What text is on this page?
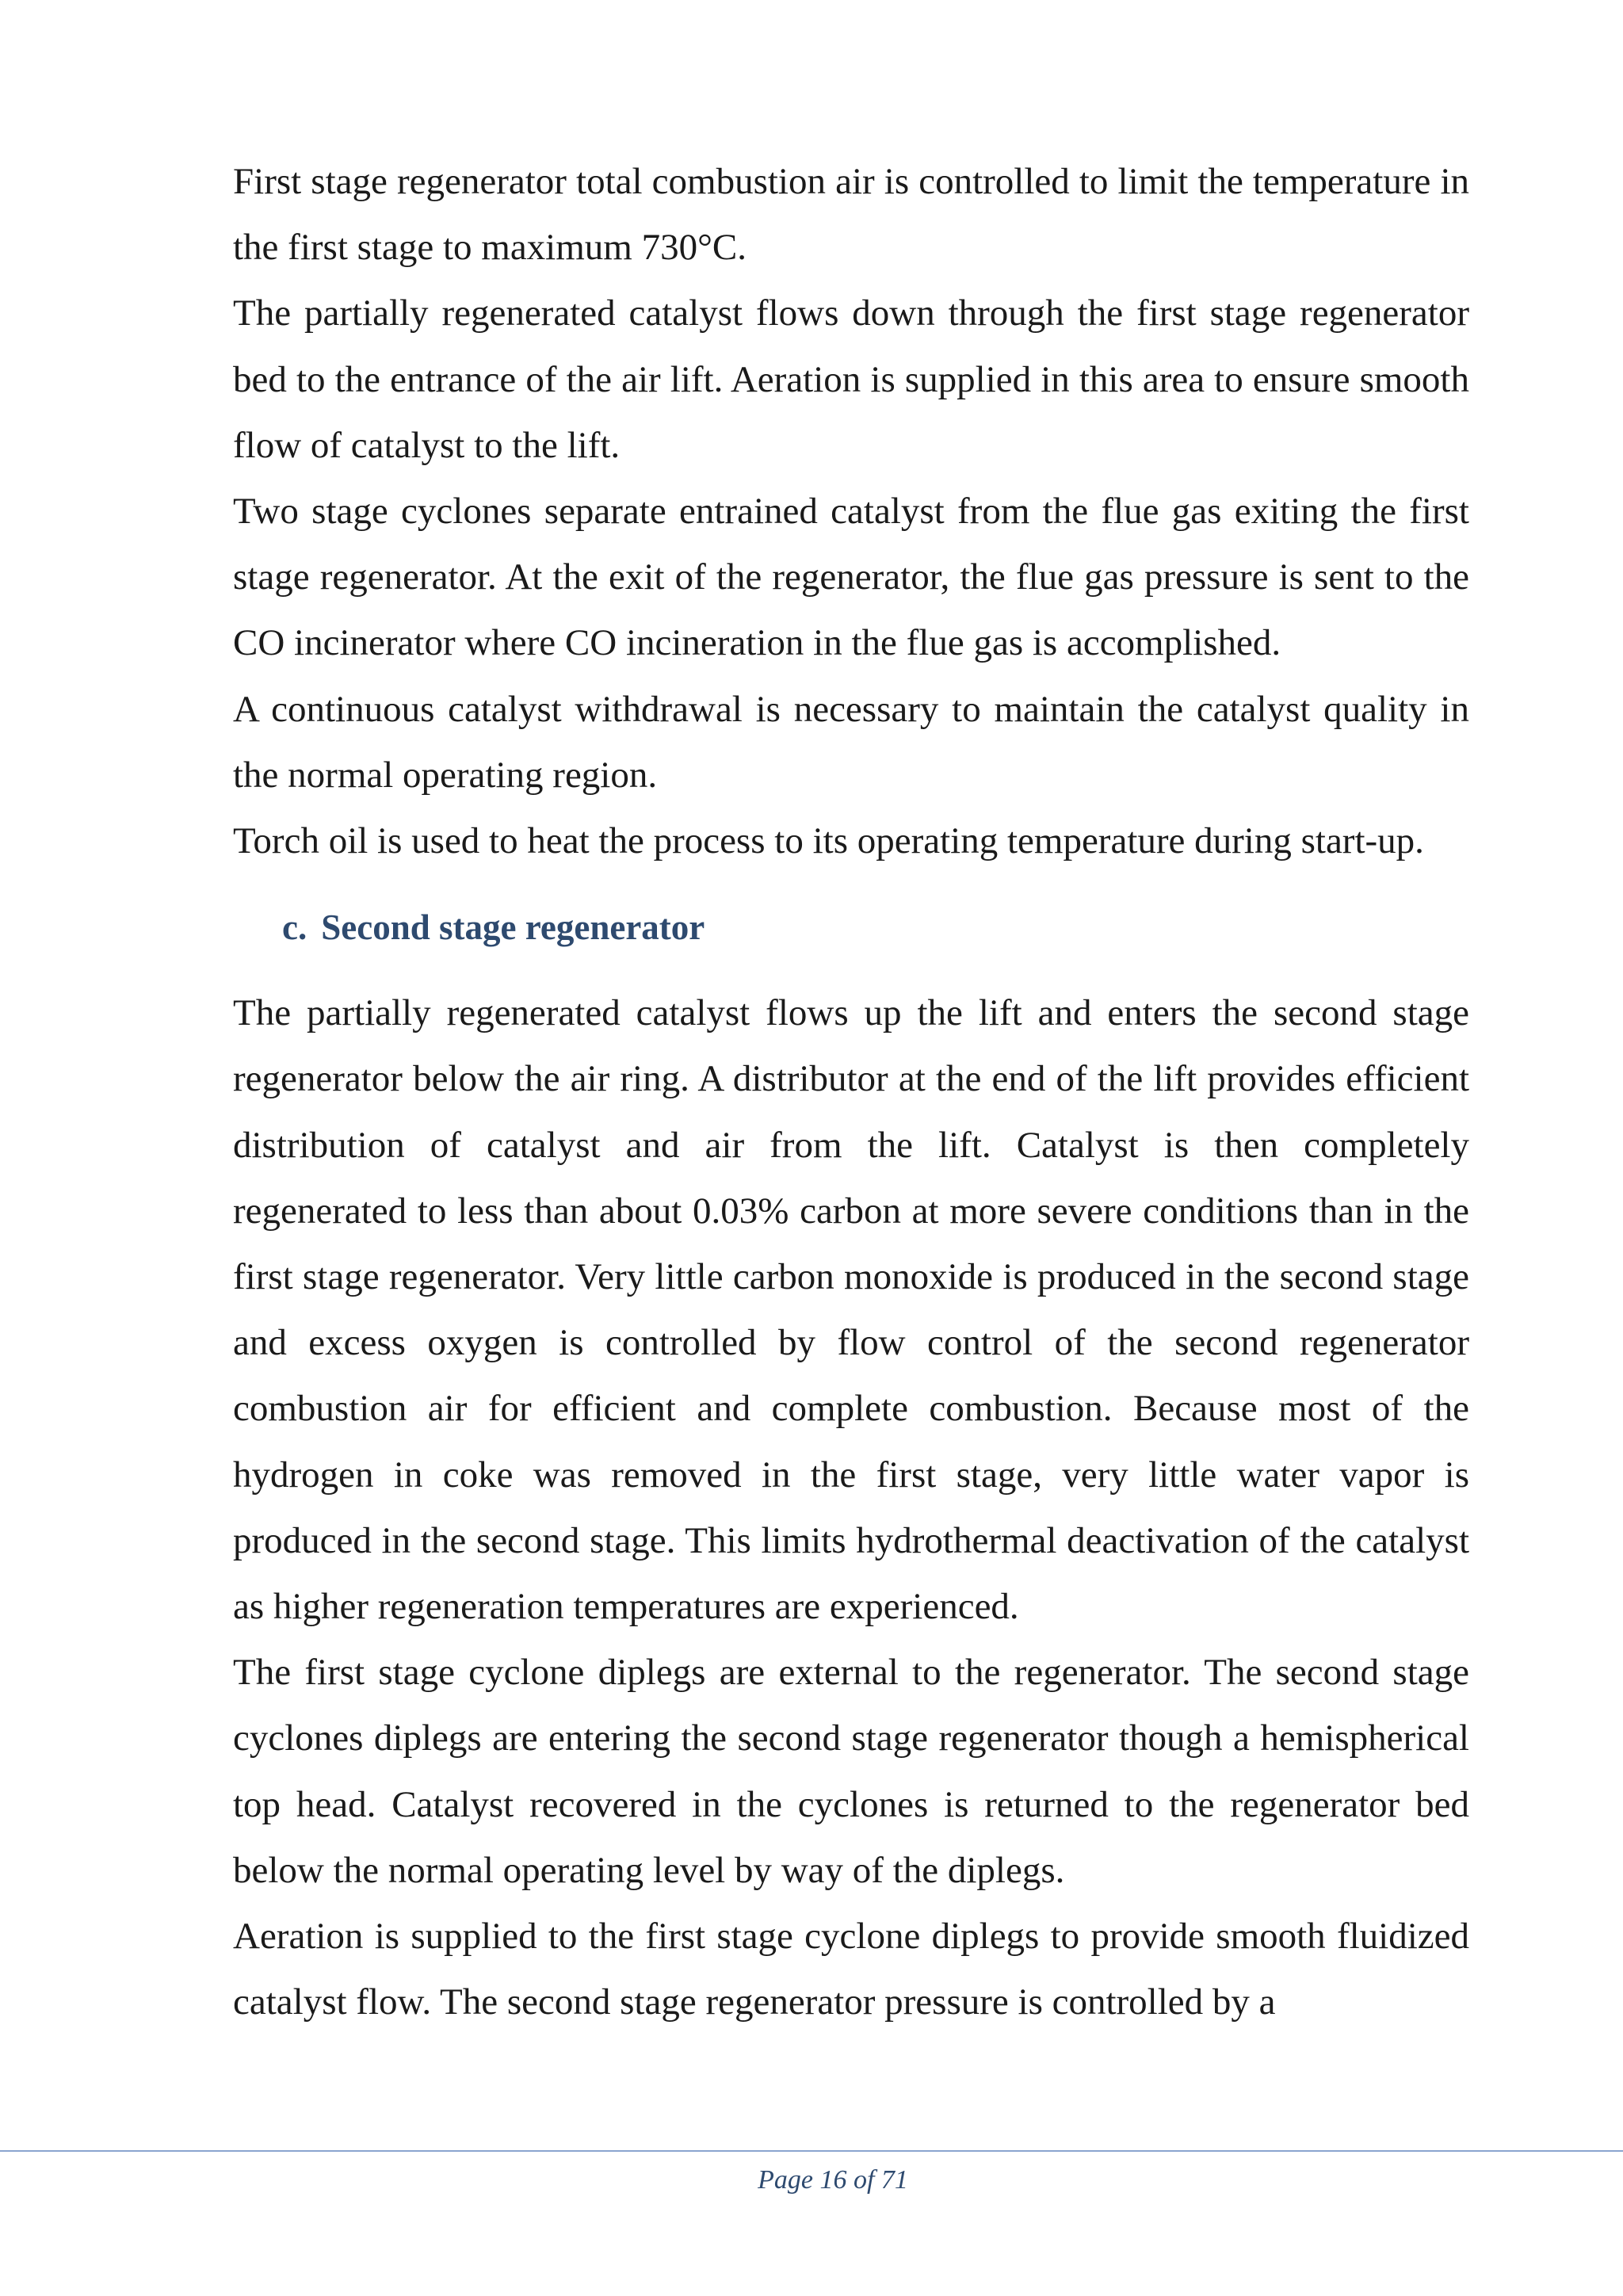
First stage regenerator total combustion air is controlled to limit the temperature in the first stage to maximum 730°C.

The partially regenerated catalyst flows down through the first stage regenerator bed to the entrance of the air lift. Aeration is supplied in this area to ensure smooth flow of catalyst to the lift.

Two stage cyclones separate entrained catalyst from the flue gas exiting the first stage regenerator. At the exit of the regenerator, the flue gas pressure is sent to the CO incinerator where CO incineration in the flue gas is accomplished.

A continuous catalyst withdrawal is necessary to maintain the catalyst quality in the normal operating region.

Torch oil is used to heat the process to its operating temperature during start-up.

c. Second stage regenerator

The partially regenerated catalyst flows up the lift and enters the second stage regenerator below the air ring. A distributor at the end of the lift provides efficient distribution of catalyst and air from the lift. Catalyst is then completely regenerated to less than about 0.03% carbon at more severe conditions than in the first stage regenerator. Very little carbon monoxide is produced in the second stage and excess oxygen is controlled by flow control of the second regenerator combustion air for efficient and complete combustion. Because most of the hydrogen in coke was removed in the first stage, very little water vapor is produced in the second stage. This limits hydrothermal deactivation of the catalyst as higher regeneration temperatures are experienced.

The first stage cyclone diplegs are external to the regenerator. The second stage cyclones diplegs are entering the second stage regenerator though a hemispherical top head. Catalyst recovered in the cyclones is returned to the regenerator bed below the normal operating level by way of the diplegs.

Aeration is supplied to the first stage cyclone diplegs to provide smooth fluidized catalyst flow. The second stage regenerator pressure is controlled by a

Page 16 of 71
